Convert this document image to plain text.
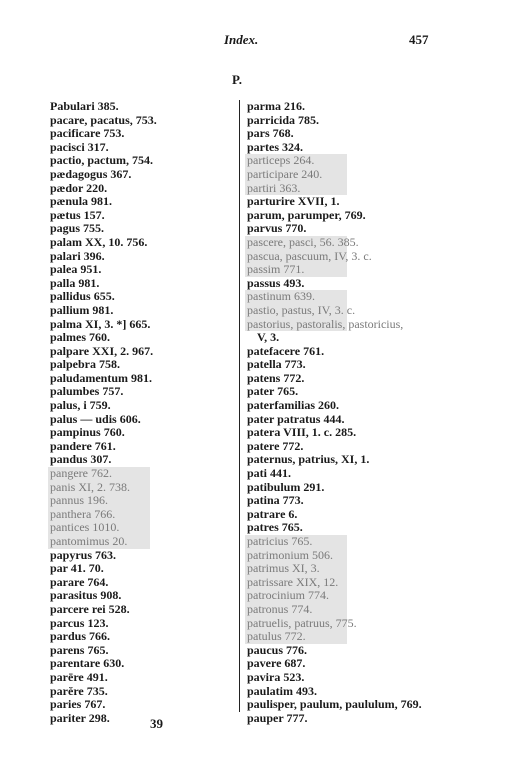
Index.	457
P.
Pabulari 385.
pacare, pacatus, 753.
pacificare 753.
pacisci 317.
pactio, pactum, 754.
pædagogus 367.
pædor 220.
pænula 981.
pætus 157.
pagus 755.
palam XX, 10. 756.
palari 396.
palea 951.
palla 981.
pallidus 655.
pallium 981.
palma XI, 3. *] 665.
palmes 760.
palpare XXI, 2. 967.
palpebra 758.
paludamentum 981.
palumbes 757.
palus, i 759.
palus — udis 606.
pampinus 760.
pandere 761.
pandus 307.
pangere 762.
panis XI, 2. 738.
pannus 196.
panthera 766.
pantices 1010.
pantomimus 20.
papyrus 763.
par 41. 70.
parare 764.
parasitus 908.
parcere rei 528.
parcus 123.
pardus 766.
parens 765.
parentare 630.
parēre 491.
parĕre 735.
paries 767.
pariter 298.
parma 216.
parricida 785.
pars 768.
partes 324.
particeps 264.
participare 240.
partiri 363.
parturire XVII, 1.
parum, parumper, 769.
parvus 770.
pascere, pasci, 56. 385.
pascua, pascuum, IV, 3. c.
passim 771.
passus 493.
pastinum 639.
pastio, pastus, IV, 3. c.
pastorius, pastoralis, pastoricius,
V, 3.
patefacere 761.
patella 773.
patens 772.
pater 765.
paterfamilias 260.
pater patratus 444.
patera VIII, 1. c. 285.
patere 772.
paternus, patrius, XI, 1.
pati 441.
patibulum 291.
patina 773.
patrare 6.
patres 765.
patricius 765.
patrimonium 506.
patrimus XI, 3.
patrissare XIX, 12.
patrocinium 774.
patronus 774.
patruelis, patruus, 775.
patulus 772.
paucus 776.
pavere 687.
pavira 523.
paulatim 493.
paulisper, paulum, paululum, 769.
pauper 777.
39
